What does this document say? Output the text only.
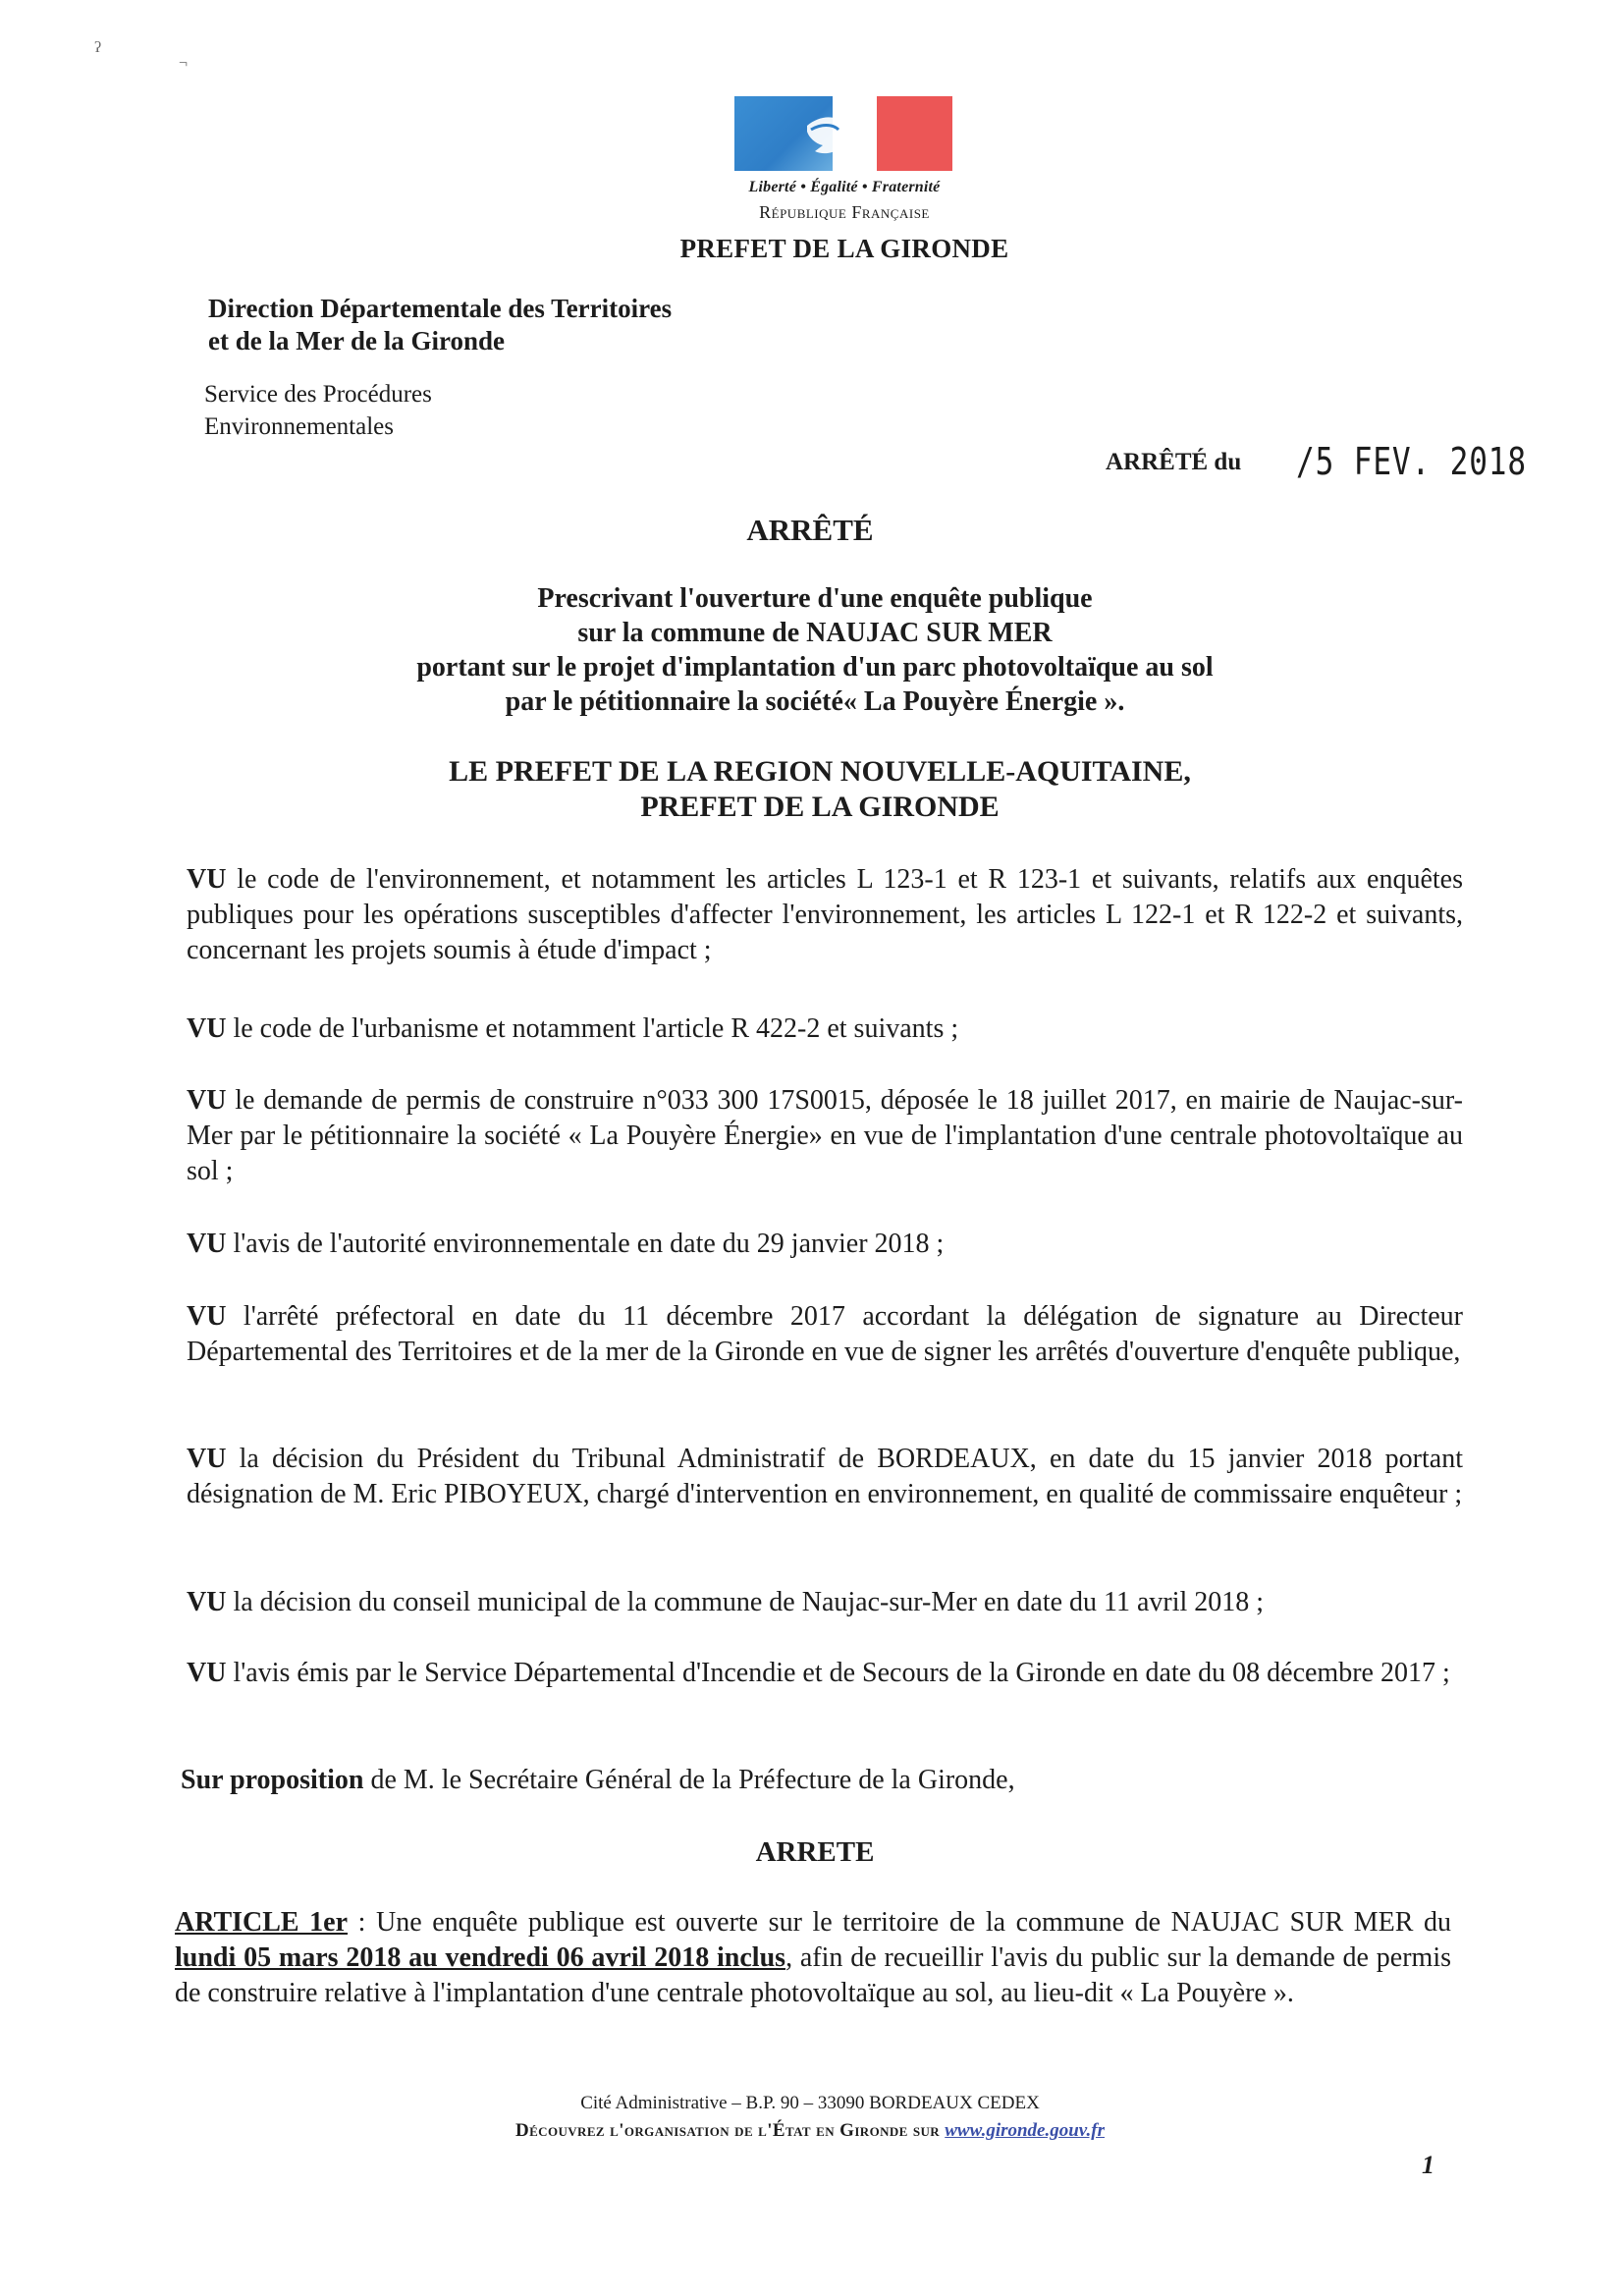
ʔ
¬
Liberté • Égalité • Fraternité
République Française
PREFET DE LA GIRONDE
Direction Départementale des Territoires
et de la Mer de la Gironde
Service des Procédures
Environnementales
ARRÊTÉ du /5 FEV. 2018
ARRÊTÉ
Prescrivant l'ouverture d'une enquête publique
sur la commune de NAUJAC SUR MER
portant sur le projet d'implantation d'un parc photovoltaïque au sol
par le pétitionnaire la société« La Pouyère Énergie ».
LE PREFET DE LA REGION NOUVELLE-AQUITAINE,
PREFET DE LA GIRONDE
VU le code de l'environnement, et notamment les articles L 123-1 et R 123-1 et suivants, relatifs aux enquêtes publiques pour les opérations susceptibles d'affecter l'environnement, les articles L 122-1 et R 122-2 et suivants, concernant les projets soumis à étude d'impact ;
VU le code de l'urbanisme et notamment l'article R 422-2 et suivants ;
VU le demande de permis de construire n°033 300 17S0015, déposée le 18 juillet 2017, en mairie de Naujac-sur-Mer par le pétitionnaire la société « La Pouyère Énergie» en vue de l'implantation d'une centrale photovoltaïque au sol ;
VU l'avis de l'autorité environnementale en date du 29 janvier 2018 ;
VU l'arrêté préfectoral en date du 11 décembre 2017 accordant la délégation de signature au Directeur Départemental des Territoires et de la mer de la Gironde en vue de signer les arrêtés d'ouverture d'enquête publique,
VU la décision du Président du Tribunal Administratif de BORDEAUX, en date du 15 janvier 2018 portant désignation de M. Eric PIBOYEUX, chargé d'intervention en environnement, en qualité de commissaire enquêteur ;
VU la décision du conseil municipal de la commune de Naujac-sur-Mer en date du 11 avril 2018 ;
VU l'avis émis par le Service Départemental d'Incendie et de Secours de la Gironde en date du 08 décembre 2017 ;
Sur proposition de M. le Secrétaire Général de la Préfecture de la Gironde,
ARRETE
ARTICLE 1er : Une enquête publique est ouverte sur le territoire de la commune de NAUJAC SUR MER du lundi 05 mars 2018 au vendredi 06 avril 2018 inclus, afin de recueillir l'avis du public sur la demande de permis de construire relative à l'implantation d'une centrale photovoltaïque au sol, au lieu-dit « La Pouyère ».
Cité Administrative – B.P. 90 – 33090 BORDEAUX CEDEX
Découvrez l'organisation de l'État en Gironde sur www.gironde.gouv.fr
1
